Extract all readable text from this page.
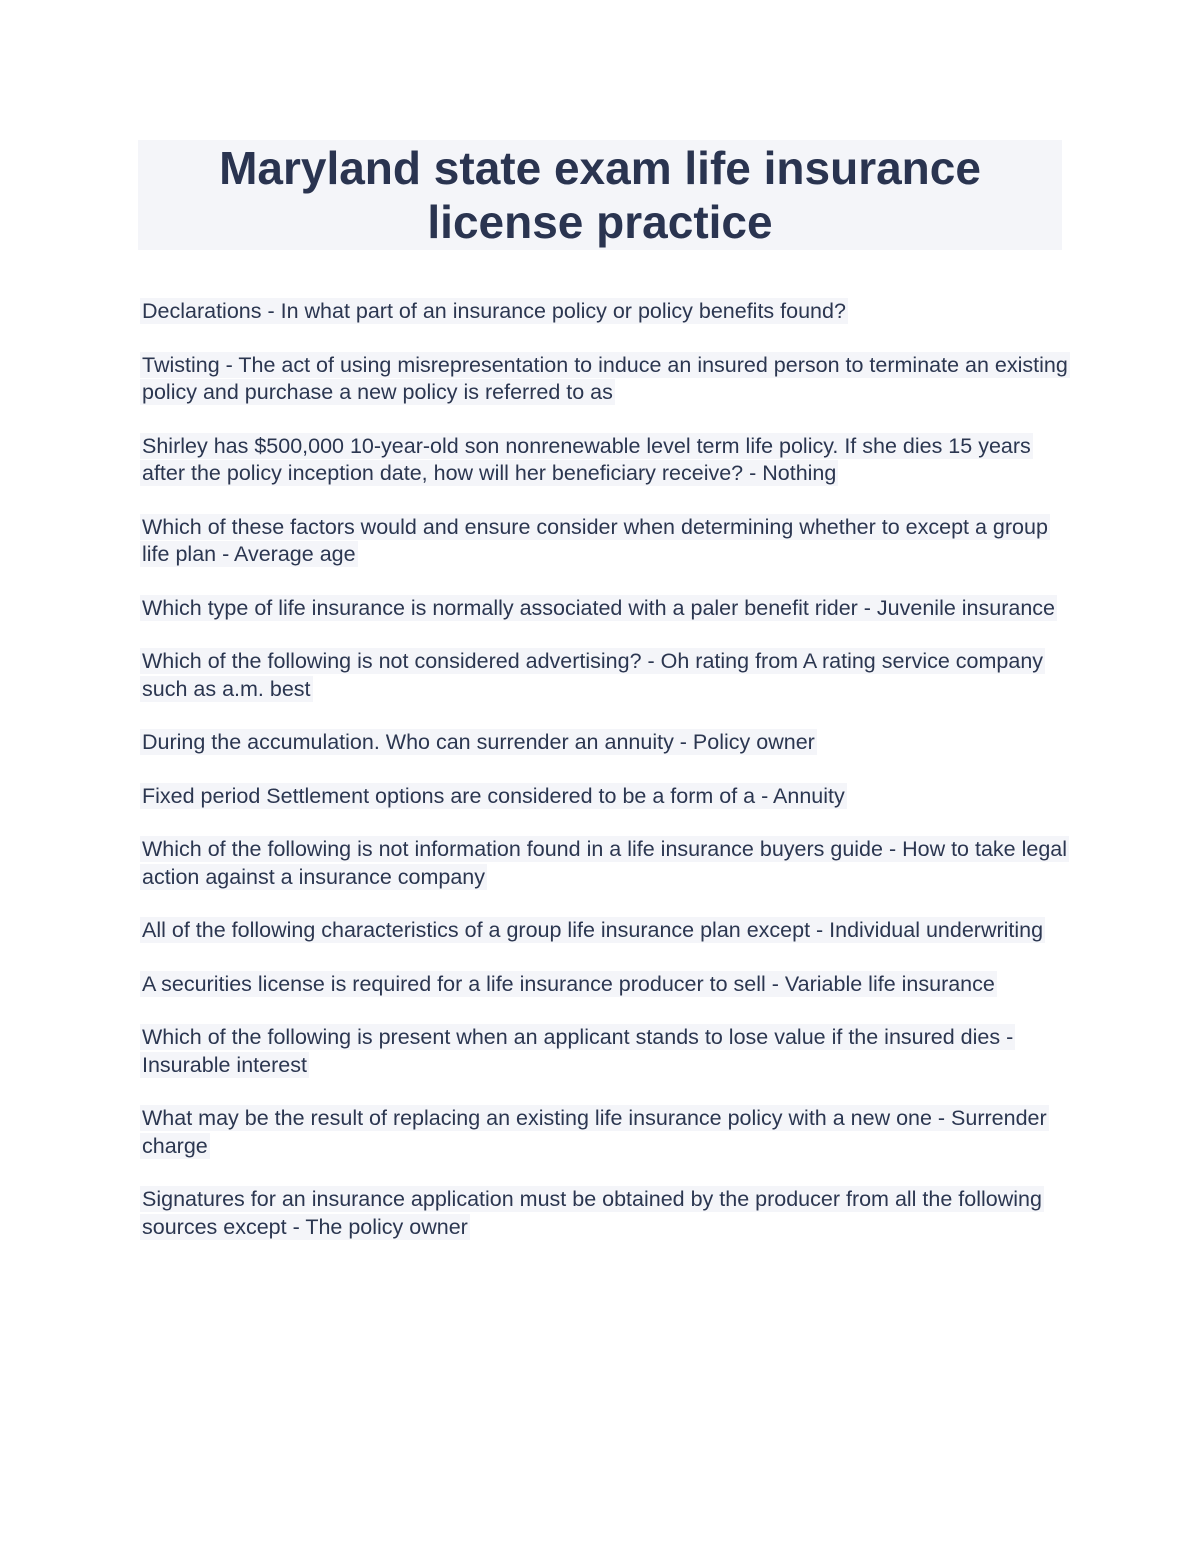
Maryland state exam life insurance license practice
Declarations - In what part of an insurance policy or policy benefits found?
Twisting - The act of using misrepresentation to induce an insured person to terminate an existing policy and purchase a new policy is referred to as
Shirley has $500,000 10-year-old son nonrenewable level term life policy. If she dies 15 years after the policy inception date, how will her beneficiary receive? - Nothing
Which of these factors would and ensure consider when determining whether to except a group life plan - Average age
Which type of life insurance is normally associated with a paler benefit rider - Juvenile insurance
Which of the following is not considered advertising? - Oh rating from A rating service company such as a.m. best
During the accumulation. Who can surrender an annuity - Policy owner
Fixed period Settlement options are considered to be a form of a - Annuity
Which of the following is not information found in a life insurance buyers guide - How to take legal action against a insurance company
All of the following characteristics of a group life insurance plan except - Individual underwriting
A securities license is required for a life insurance producer to sell - Variable life insurance
Which of the following is present when an applicant stands to lose value if the insured dies - Insurable interest
What may be the result of replacing an existing life insurance policy with a new one - Surrender charge
Signatures for an insurance application must be obtained by the producer from all the following sources except - The policy owner
